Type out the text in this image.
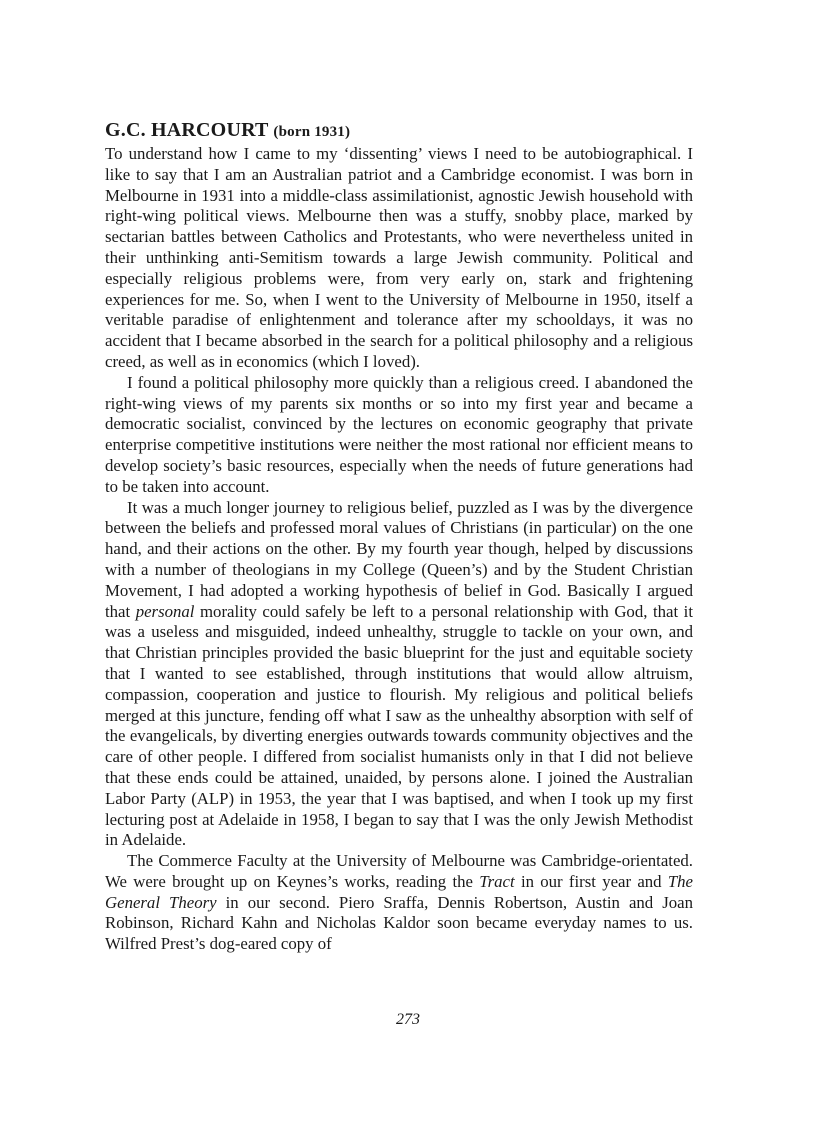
G.C. HARCOURT (born 1931)

To understand how I came to my ‘dissenting’ views I need to be autobiographical. I like to say that I am an Australian patriot and a Cambridge economist. I was born in Melbourne in 1931 into a middle-class assimilationist, agnostic Jewish household with right-wing political views. Melbourne then was a stuffy, snobby place, marked by sectarian battles between Catholics and Protestants, who were nevertheless united in their unthinking anti-Semitism towards a large Jewish community. Political and especially religious problems were, from very early on, stark and frightening experiences for me. So, when I went to the University of Melbourne in 1950, itself a veritable paradise of enlightenment and tolerance after my schooldays, it was no accident that I became absorbed in the search for a political philosophy and a religious creed, as well as in economics (which I loved).

I found a political philosophy more quickly than a religious creed. I abandoned the right-wing views of my parents six months or so into my first year and became a democratic socialist, convinced by the lectures on economic geography that private enterprise competitive institutions were neither the most rational nor efficient means to develop society’s basic resources, especially when the needs of future generations had to be taken into account.

It was a much longer journey to religious belief, puzzled as I was by the divergence between the beliefs and professed moral values of Christians (in particular) on the one hand, and their actions on the other. By my fourth year though, helped by discussions with a number of theologians in my College (Queen’s) and by the Student Christian Movement, I had adopted a working hypothesis of belief in God. Basically I argued that personal morality could safely be left to a personal relationship with God, that it was a useless and misguided, indeed unhealthy, struggle to tackle on your own, and that Christian principles provided the basic blueprint for the just and equitable society that I wanted to see established, through institutions that would allow altruism, compassion, cooperation and justice to flourish. My religious and political beliefs merged at this juncture, fending off what I saw as the unhealthy absorption with self of the evangelicals, by diverting energies outwards towards community objectives and the care of other people. I differed from socialist humanists only in that I did not believe that these ends could be attained, unaided, by persons alone. I joined the Australian Labor Party (ALP) in 1953, the year that I was baptised, and when I took up my first lecturing post at Adelaide in 1958, I began to say that I was the only Jewish Methodist in Adelaide.

The Commerce Faculty at the University of Melbourne was Cambridge-orientated. We were brought up on Keynes’s works, reading the Tract in our first year and The General Theory in our second. Piero Sraffa, Dennis Robertson, Austin and Joan Robinson, Richard Kahn and Nicholas Kaldor soon became everyday names to us. Wilfred Prest’s dog-eared copy of

273
